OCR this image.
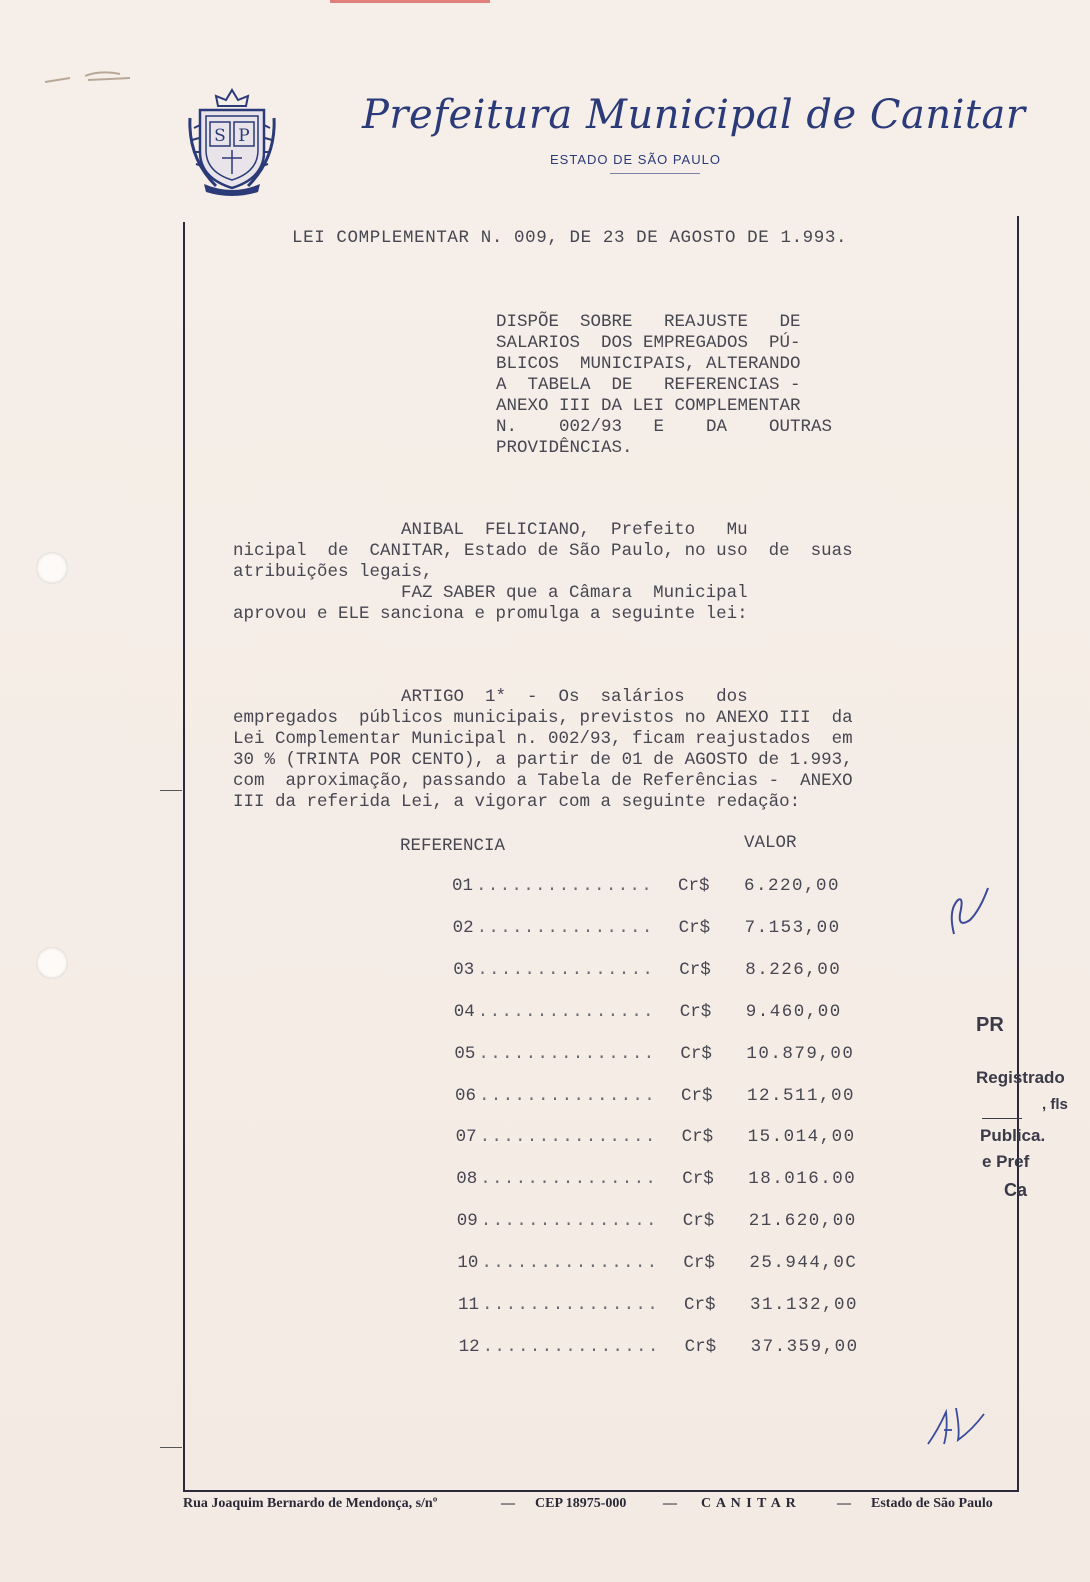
S P	Prefeitura Municipal de Canitar
ESTADO DE SÃO PAULO
LEI COMPLEMENTAR N. 009, DE 23 DE AGOSTO DE 1.993.
DISPÕE  SOBRE   REAJUSTE   DE
SALARIOS  DOS EMPREGADOS  PÚ-
BLICOS  MUNICIPAIS, ALTERANDO
A  TABELA  DE   REFERENCIAS -
ANEXO III DA LEI COMPLEMENTAR
N.    002/93   E    DA    OUTRAS
PROVIDÊNCIAS.
ANIBAL  FELICIANO,  Prefeito   Mu
nicipal  de  CANITAR, Estado de São Paulo, no uso  de  suas
atribuições legais,
FAZ SABER que a Câmara  Municipal
aprovou e ELE sanciona e promulga a seguinte lei:
ARTIGO  1*  -  Os  salários   dos
empregados  públicos municipais, previstos no ANEXO III  da
Lei Complementar Municipal n. 002/93, ficam reajustados  em
30 % (TRINTA POR CENTO), a partir de 01 de AGOSTO de 1.993,
com  aproximação, passando a Tabela de Referências -  ANEXO
III da referida Lei, a vigorar com a seguinte redação:
REFERENCIA	VALOR
01 ............... Cr$ 6.220,00
02 ............... Cr$ 7.153,00
03 ............... Cr$ 8.226,00
04 ............... Cr$ 9.460,00
05 ............... Cr$ 10.879,00
06 ............... Cr$ 12.511,00
07 ............... Cr$ 15.014,00
08 ............... Cr$ 18.016.00
09 ............... Cr$ 21.620,00
10 ............... Cr$ 25.944,0C
11 ............... Cr$ 31.132,00
12 ............... Cr$ 37.359,00
PR
Registrado
, fls
Publica.
e Pref
Ca
Rua Joaquim Bernardo de Mendonça, s/nº	— CEP 18975-000	— C A N I T A R	— Estado de São Paulo
